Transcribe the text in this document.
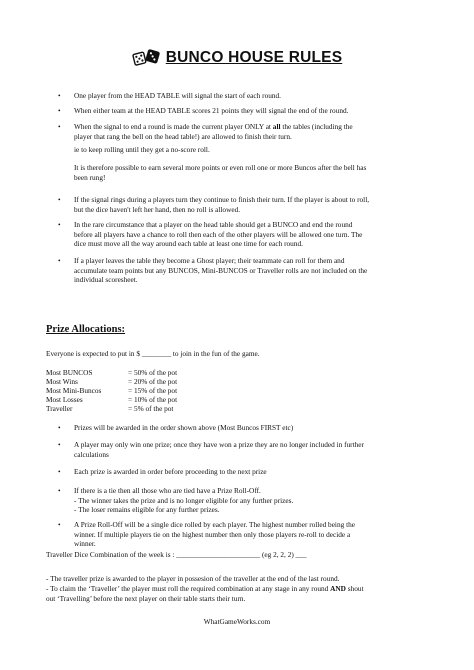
BUNCO HOUSE RULES
•	One player from the HEAD TABLE will signal the start of each round.
•	When either team at the HEAD TABLE scores 21 points they will signal the end of the round.
•	When the signal to end a round is made the current player ONLY at all the tables (including the
player that rang the bell on the head table!) are allowed to finish their turn.
ie to keep rolling until they get a no-score roll.
It is therefore possible to earn several more points or even roll one or more Buncos after the bell has
been rung!
•	If the signal rings during a players turn they continue to finish their turn. If the player is about to roll,
but the dice haven't left her hand, then no roll is allowed.
•	In the rare circumstance that a player on the head table should get a BUNCO and end the round
before all players have a chance to roll then each of the other players will be allowed one turn. The
dice must move all the way around each table at least one time for each round.
•	If a player leaves the table they become a Ghost player; their teammate can roll for them and
accumulate team points but any BUNCOS, Mini-BUNCOS or Traveller rolls are not included on the
individual scoresheet.
Prize Allocations:
Everyone is expected to put in $ ________ to join in the fun of the game.
Most BUNCOS	= 50% of the pot
Most Wins	= 20% of the pot
Most Mini-Buncos	= 15% of the pot
Most Losses	= 10% of the pot
Traveller	= 5% of the pot
•	Prizes will be awarded in the order shown above (Most Buncos FIRST etc)
•	A player may only win one prize; once they have won a prize they are no longer included in further
calculations
•	Each prize is awarded in order before proceeding to the next prize
•	If there is a tie then all those who are tied have a Prize Roll-Off.
- The winner takes the prize and is no longer eligible for any further prizes.
- The loser remains eligible for any further prizes.
•	A Prize Roll-Off will be a single dice rolled by each player. The highest number rolled being the
winner. If multiple players tie on the highest number then only those players re-roll to decide a
winner.
Traveller Dice Combination of the week is : _______________________ (eg 2, 2, 2) ___
- The traveller prize is awarded to the player in possesion of the traveller at the end of the last round.
- To claim the ‘Traveller’ the player must roll the required combination at any stage in any round AND shout
out ‘Travelling’ before the next player on their table starts their turn.
WhatGameWorks.com
